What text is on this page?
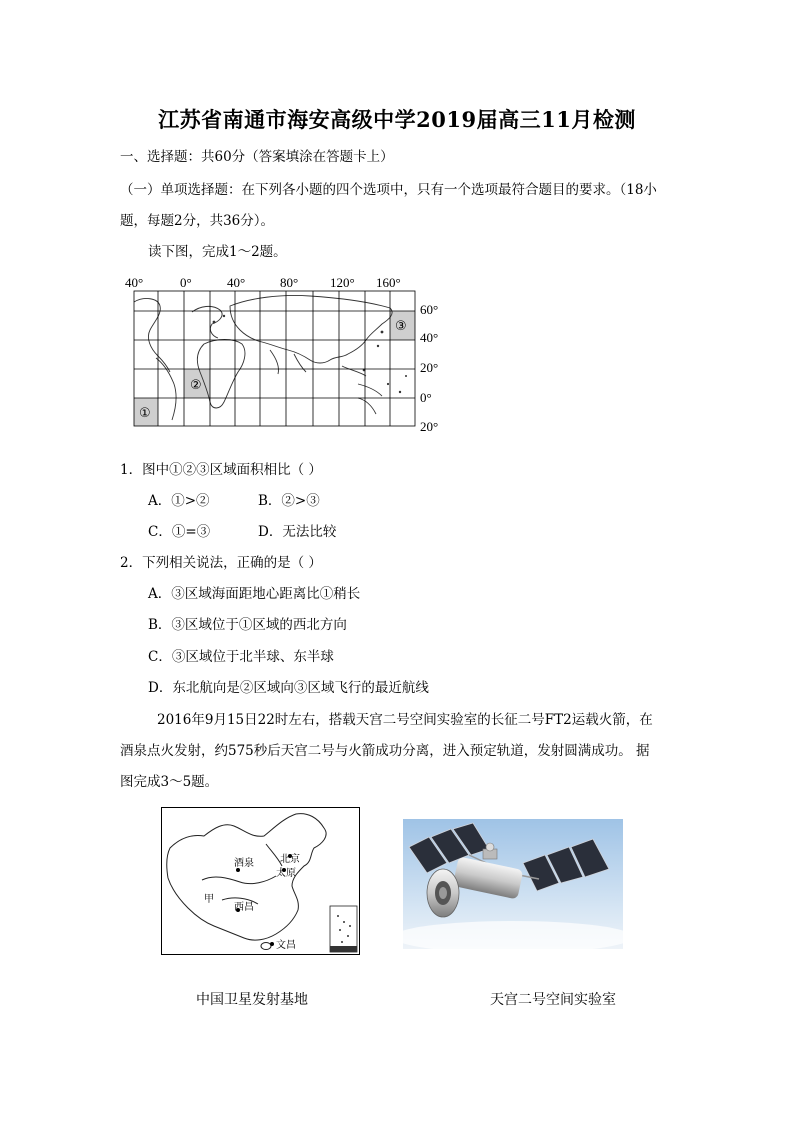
江苏省南通市海安高级中学2019届高三11月检测
一、选择题：共60分（答案填涂在答题卡上）
（一）单项选择题：在下列各小题的四个选项中，只有一个选项最符合题目的要求。（18小
题，每题2分，共36分）。
读下图，完成1～2题。
40°	0°	40°	80° 120° 160°
60°
40°
20°
0°
20°
①
②
③
1．图中①②③区域面积相比（ ）
A．①>②	B．②>③
C．①=③	D．无法比较
2．下列相关说法，正确的是（ ）
A．③区域海面距地心距离比①稍长
B．③区域位于①区域的西北方向
C．③区域位于北半球、东半球
D．东北航向是②区域向③区域飞行的最近航线
2016年9月15日22时左右，搭载天宫二号空间实验室的长征二号FT2运载火箭，在
酒泉点火发射，约575秒后天宫二号与火箭成功分离，进入预定轨道，发射圆满成功。 据
图完成3～5题。
酒泉	北京
太原
甲
西昌
文昌
中国卫星发射基地	天宫二号空间实验室
